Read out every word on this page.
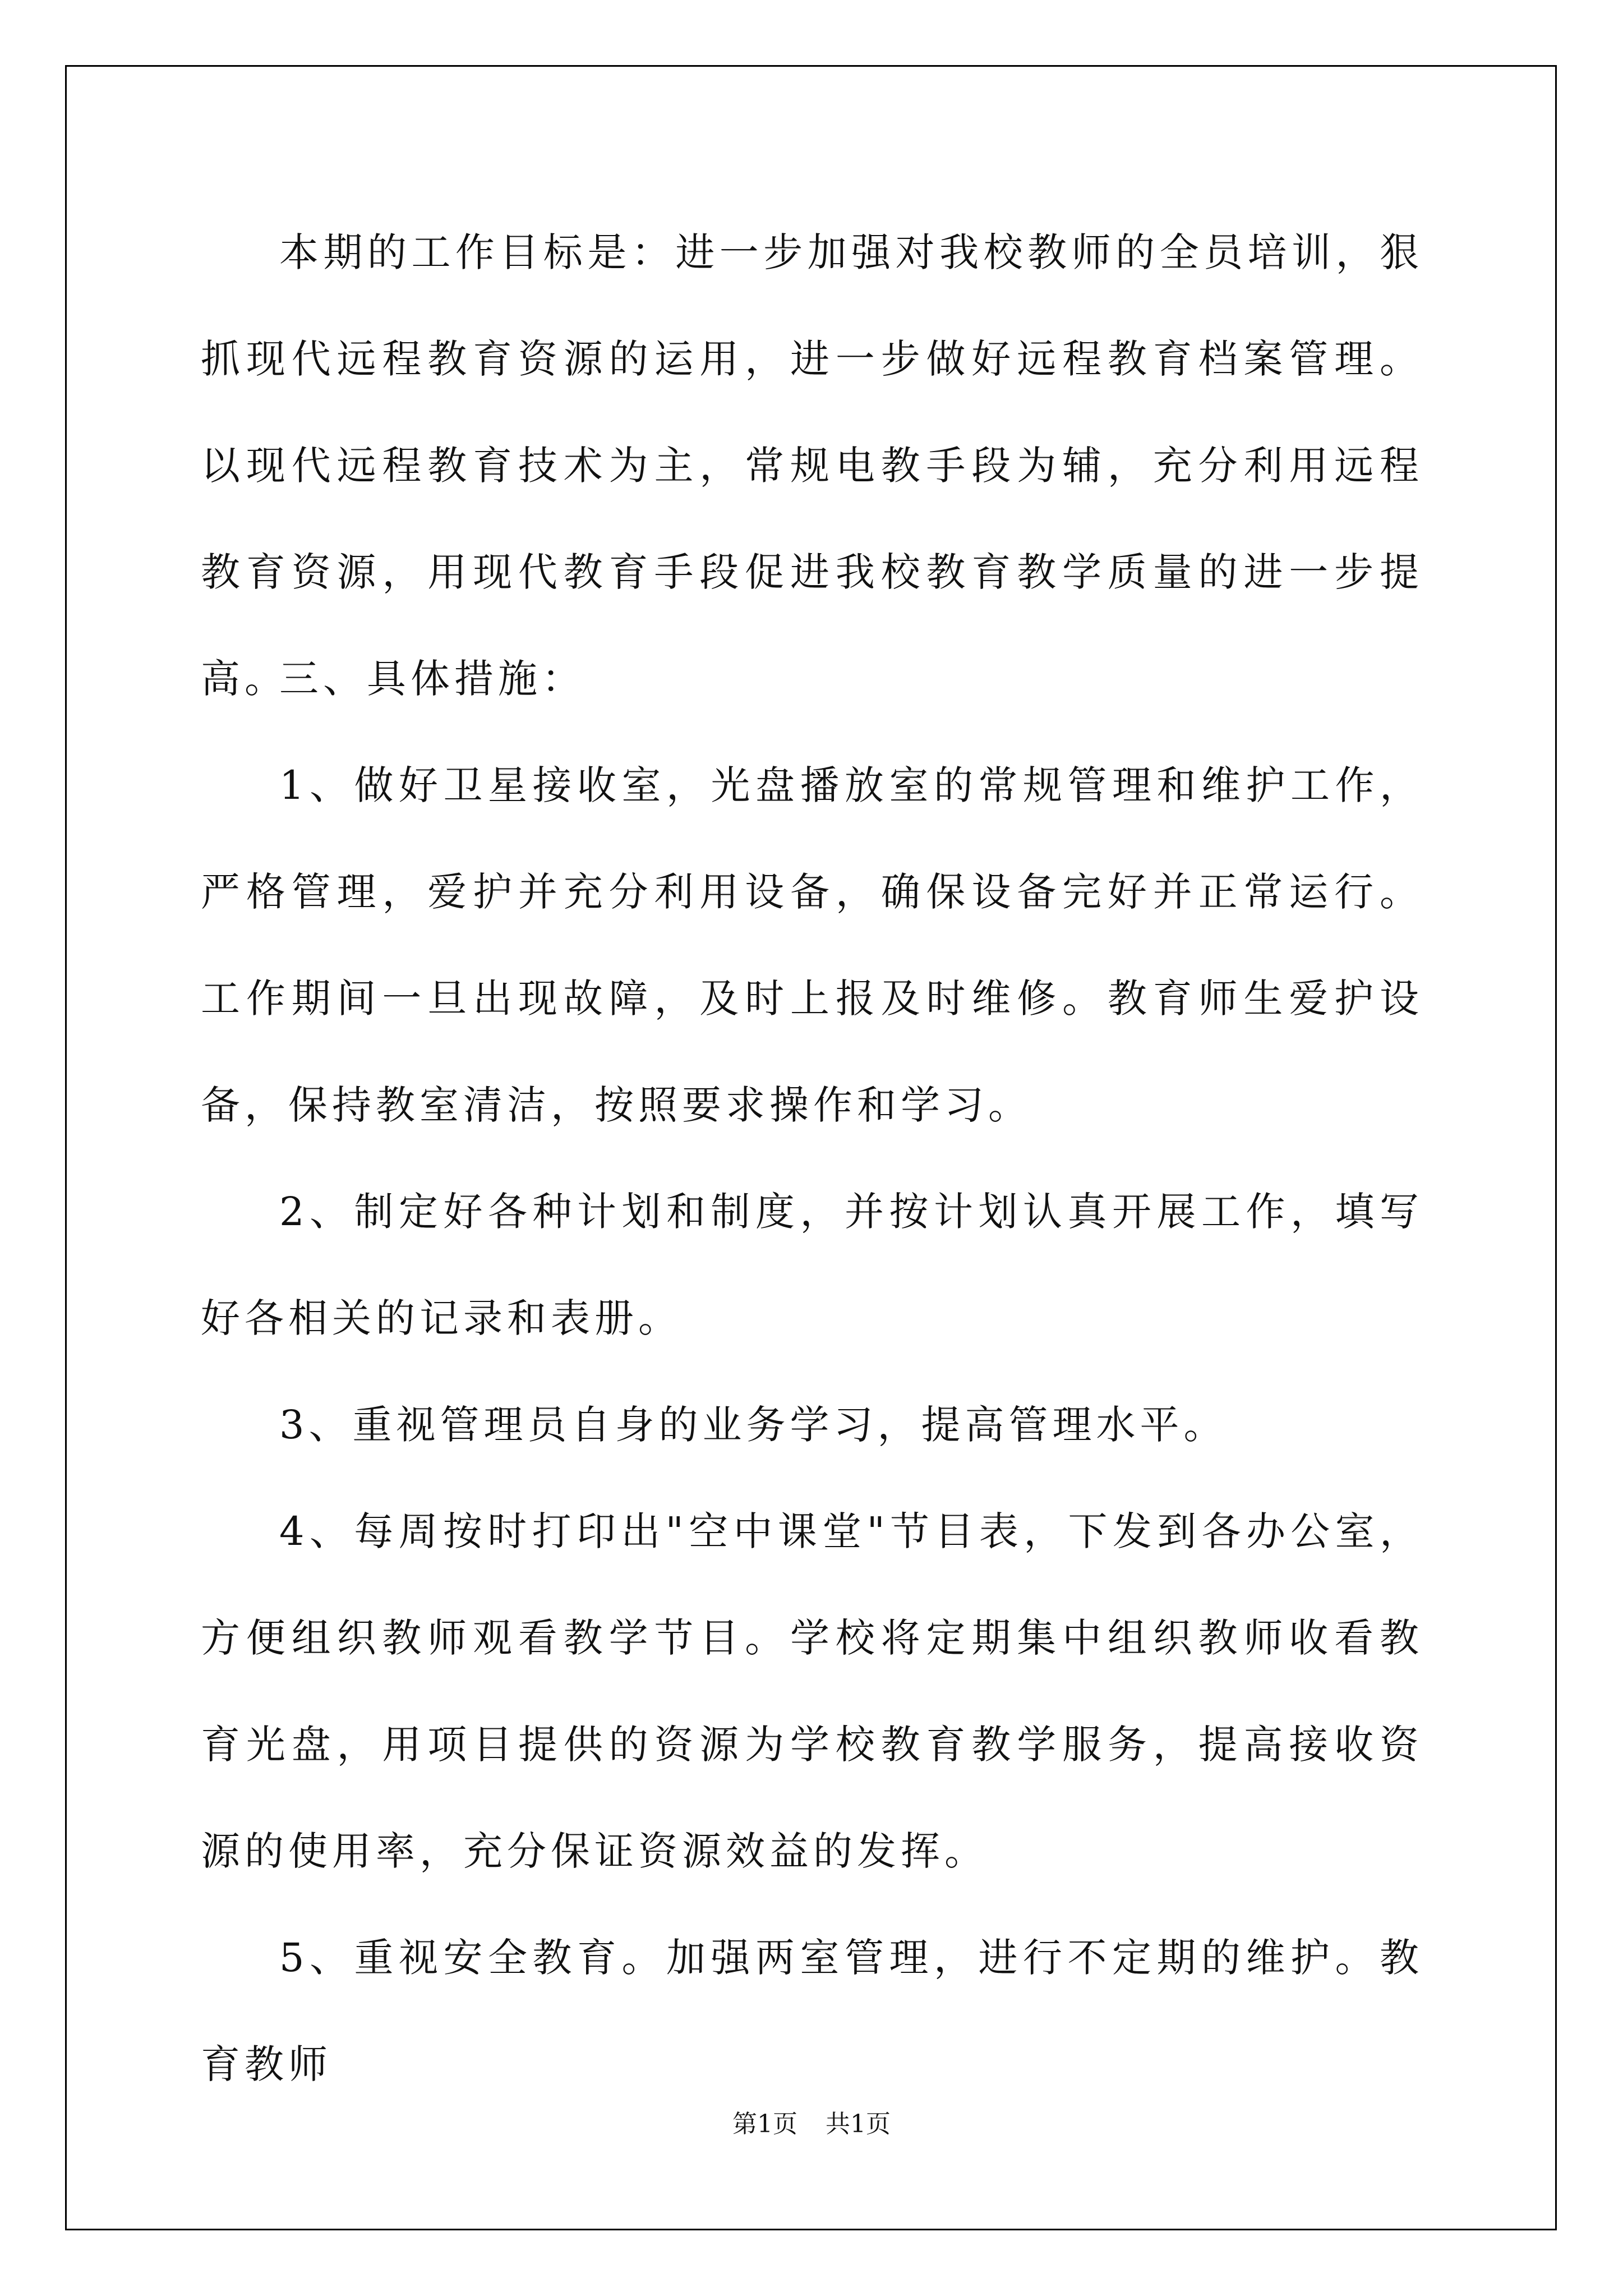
本期的工作目标是：进一步加强对我校教师的全员培训，狠抓现代远程教育资源的运用，进一步做好远程教育档案管理。以现代远程教育技术为主，常规电教手段为辅，充分利用远程教育资源，用现代教育手段促进我校教育教学质量的进一步提高。

三、具体措施：

1、做好卫星接收室，光盘播放室的常规管理和维护工作，严格管理，爱护并充分利用设备，确保设备完好并正常运行。工作期间一旦出现故障，及时上报及时维修。教育师生爱护设备，保持教室清洁，按照要求操作和学习。

2、制定好各种计划和制度，并按计划认真开展工作，填写好各相关的记录和表册。

3、重视管理员自身的业务学习，提高管理水平。

4、每周按时打印出"空中课堂"节目表，下发到各办公室，方便组织教师观看教学节目。学校将定期集中组织教师收看教育光盘，用项目提供的资源为学校教育教学服务，提高接收资源的使用率，充分保证资源效益的发挥。

5、重视安全教育。加强两室管理，进行不定期的维护。教育教师

第1页 共1页
